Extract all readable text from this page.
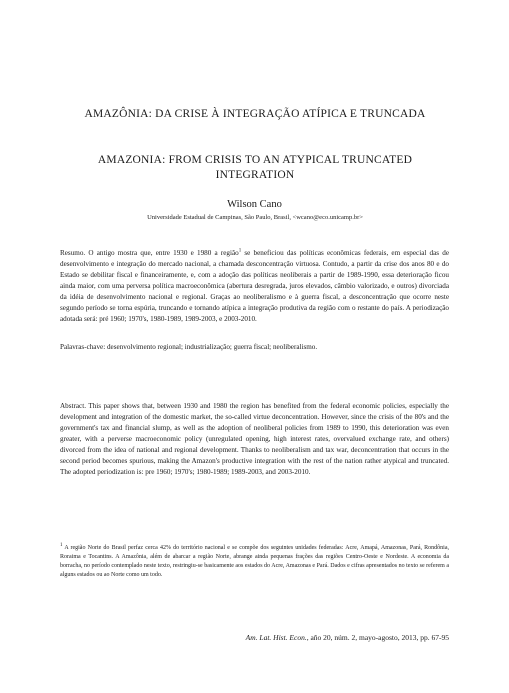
AMAZÔNIA: DA CRISE À INTEGRAÇÃO ATÍPICA E TRUNCADA
AMAZONIA: FROM CRISIS TO AN ATYPICAL TRUNCATED INTEGRATION
Wilson Cano
Universidade Estadual de Campinas, São Paulo, Brasil, <wcano@eco.unicamp.br>

Resumo. O antigo mostra que, entre 1930 e 1980 a região$^1$ se beneficiou das políticas econômicas federais, em especial das de desenvolvimento e integração do mercado nacional, a chamada desconcentração virtuosa. Contudo, a partir da crise dos anos 80 e do Estado se debilitar fiscal e financeiramente, e, com a adoção das políticas neoliberais a partir de 1989-1990, essa deterioração ficou ainda maior, com uma perversa política macroeconômica (abertura desregrada, juros elevados, câmbio valorizado, e outros) divorciada da idéia de desenvolvimento nacional e regional. Graças ao neoliberalismo e à guerra fiscal, a desconcentração que ocorre neste segundo período se torna espúria, truncando e tornando atípica a integração produtiva da região com o restante do país. A periodização adotada será: pré 1960; 1970's, 1980-1989, 1989-2003, e 2003-2010.

Palavras-chave: desenvolvimento regional; industrialização; guerra fiscal; neoliberalismo.

Abstract. This paper shows that, between 1930 and 1980 the region has benefited from the federal economic policies, especially the development and integration of the domestic market, the so-called virtue deconcentration. However, since the crisis of the 80's and the government's tax and financial slump, as well as the adoption of neoliberal policies from 1989 to 1990, this deterioration was even greater, with a perverse macroeconomic policy (unregulated opening, high interest rates, overvalued exchange rate, and others) divorced from the idea of national and regional development. Thanks to neoliberalism and tax war, deconcentration that occurs in the second period becomes spurious, making the Amazon's productive integration with the rest of the nation rather atypical and truncated. The adopted periodization is: pre 1960; 1970's; 1980-1989; 1989-2003, and 2003-2010.

$^1$ A região Norte do Brasil perfaz cerca 42% do território nacional e se compõe dos seguintes unidades federadas: Acre, Amapá, Amazonas, Pará, Rondônia, Roraima e Tocantins. A Amazônia, além de abarcar a região Norte, abrange ainda pequenas frações das regiões Centro-Oeste e Nordeste. A economia da borracha, no período contemplado neste texto, restringiu-se basicamente aos estados do Acre, Amazonas e Pará. Dados e cifras apresentados no texto se referem a alguns estados ou ao Norte como um todo.

Am. Lat. Hist. Econ., año 20, núm. 2, mayo-agosto, 2013, pp. 67-95
